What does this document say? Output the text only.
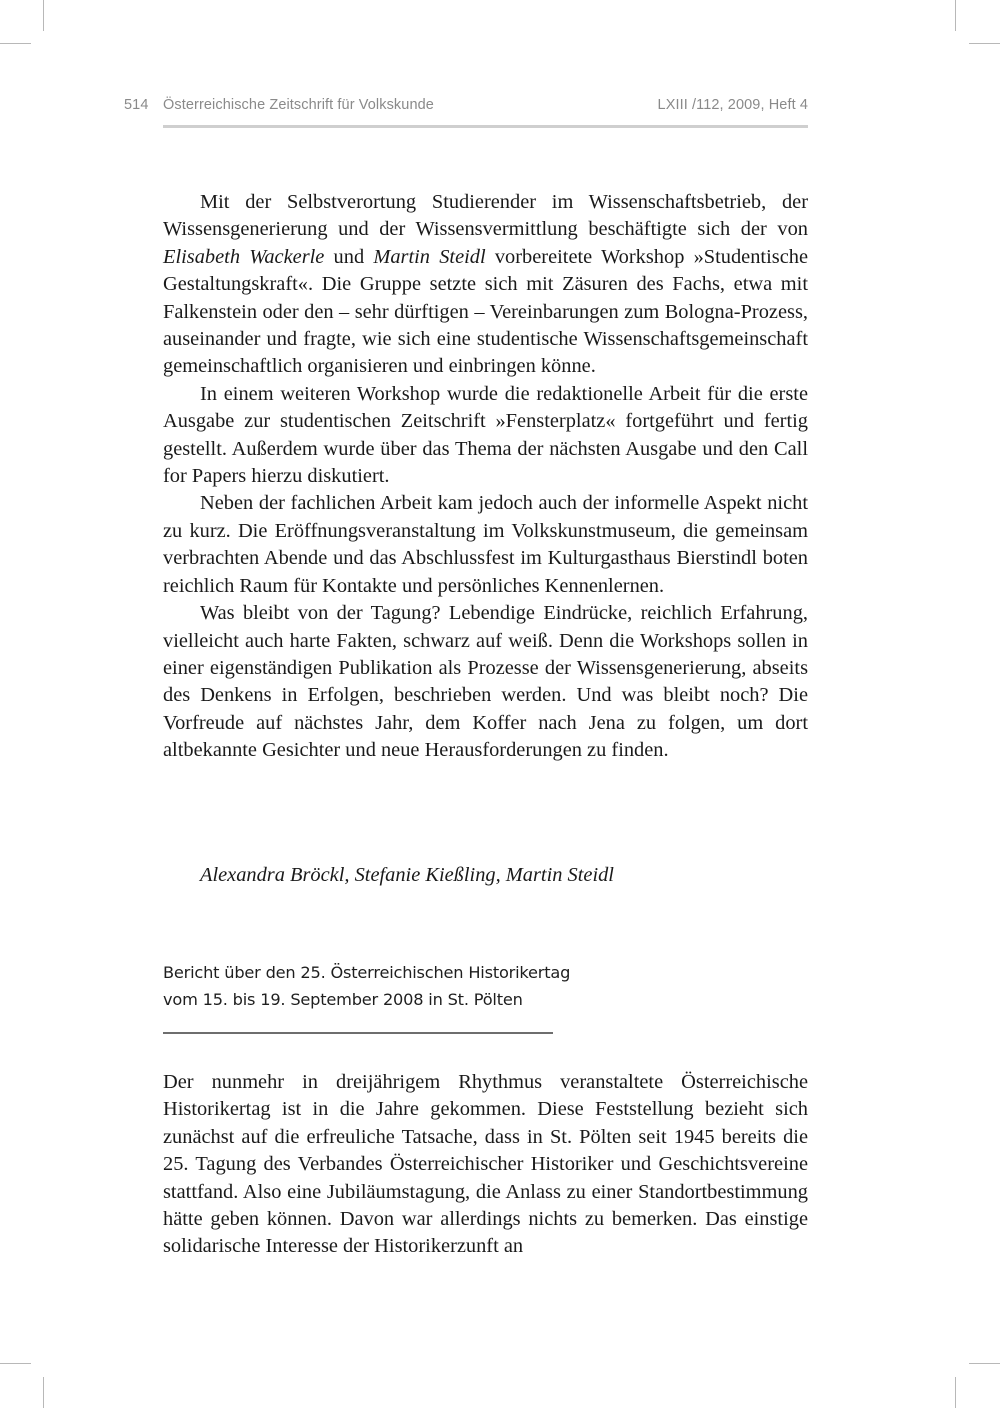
514 Österreichische Zeitschrift für Volkskunde	LXIII /112, 2009, Heft 4

Mit der Selbstverortung Studierender im Wissenschaftsbetrieb, der Wissensgenerierung und der Wissensvermittlung beschäftigte sich der von Elisabeth Wackerle und Martin Steidl vorbereitete Workshop »Studentische Gestaltungskraft«. Die Gruppe setzte sich mit Zäsuren des Fachs, etwa mit Falkenstein oder den – sehr dürftigen – Vereinbarungen zum Bologna-Prozess, auseinander und fragte, wie sich eine studentische Wissenschaftsgemeinschaft gemeinschaftlich organisieren und einbringen könne.

In einem weiteren Workshop wurde die redaktionelle Arbeit für die erste Ausgabe zur studentischen Zeitschrift »Fensterplatz« fortgeführt und fertig gestellt. Außerdem wurde über das Thema der nächsten Ausgabe und den Call for Papers hierzu diskutiert.

Neben der fachlichen Arbeit kam jedoch auch der informelle Aspekt nicht zu kurz. Die Eröffnungsveranstaltung im Volkskunstmuseum, die gemeinsam verbrachten Abende und das Abschlussfest im Kulturgasthaus Bierstindl boten reichlich Raum für Kontakte und persönliches Kennenlernen.

Was bleibt von der Tagung? Lebendige Eindrücke, reichlich Erfahrung, vielleicht auch harte Fakten, schwarz auf weiß. Denn die Workshops sollen in einer eigenständigen Publikation als Prozesse der Wissensgenerierung, abseits des Denkens in Erfolgen, beschrieben werden. Und was bleibt noch? Die Vorfreude auf nächstes Jahr, dem Koffer nach Jena zu folgen, um dort altbekannte Gesichter und neue Herausforderungen zu finden.

Alexandra Bröckl, Stefanie Kießling, Martin Steidl
Bericht über den 25. Österreichischen Historikertag
vom 15. bis 19. September 2008 in St. Pölten

Der nunmehr in dreijährigem Rhythmus veranstaltete Österreichische Historikertag ist in die Jahre gekommen. Diese Feststellung bezieht sich zunächst auf die erfreuliche Tatsache, dass in St. Pölten seit 1945 bereits die 25. Tagung des Verbandes Österreichischer Historiker und Geschichtsvereine stattfand. Also eine Jubiläumstagung, die Anlass zu einer Standortbestimmung hätte geben können. Davon war allerdings nichts zu bemerken. Das einstige solidarische Interesse der Historikerzunft an
